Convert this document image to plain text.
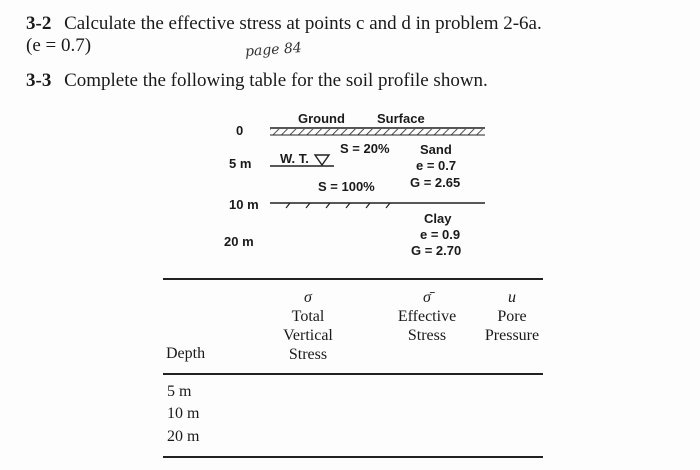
3-2 Calculate the effective stress at points c and d in problem 2-6a.
(e = 0.7)	page 84
3-3 Complete the following table for the soil profile shown.
Ground Surface
0
5 m
10 m
20 m
W. T.
S = 20%
S = 100%
Sand
e = 0.7
G = 2.65
Clay
e = 0.9
G = 2.70
σ
Total
Vertical
Stress
σ̄
Effective
Stress
u
Pore
Pressure
Depth
5 m
10 m
20 m
